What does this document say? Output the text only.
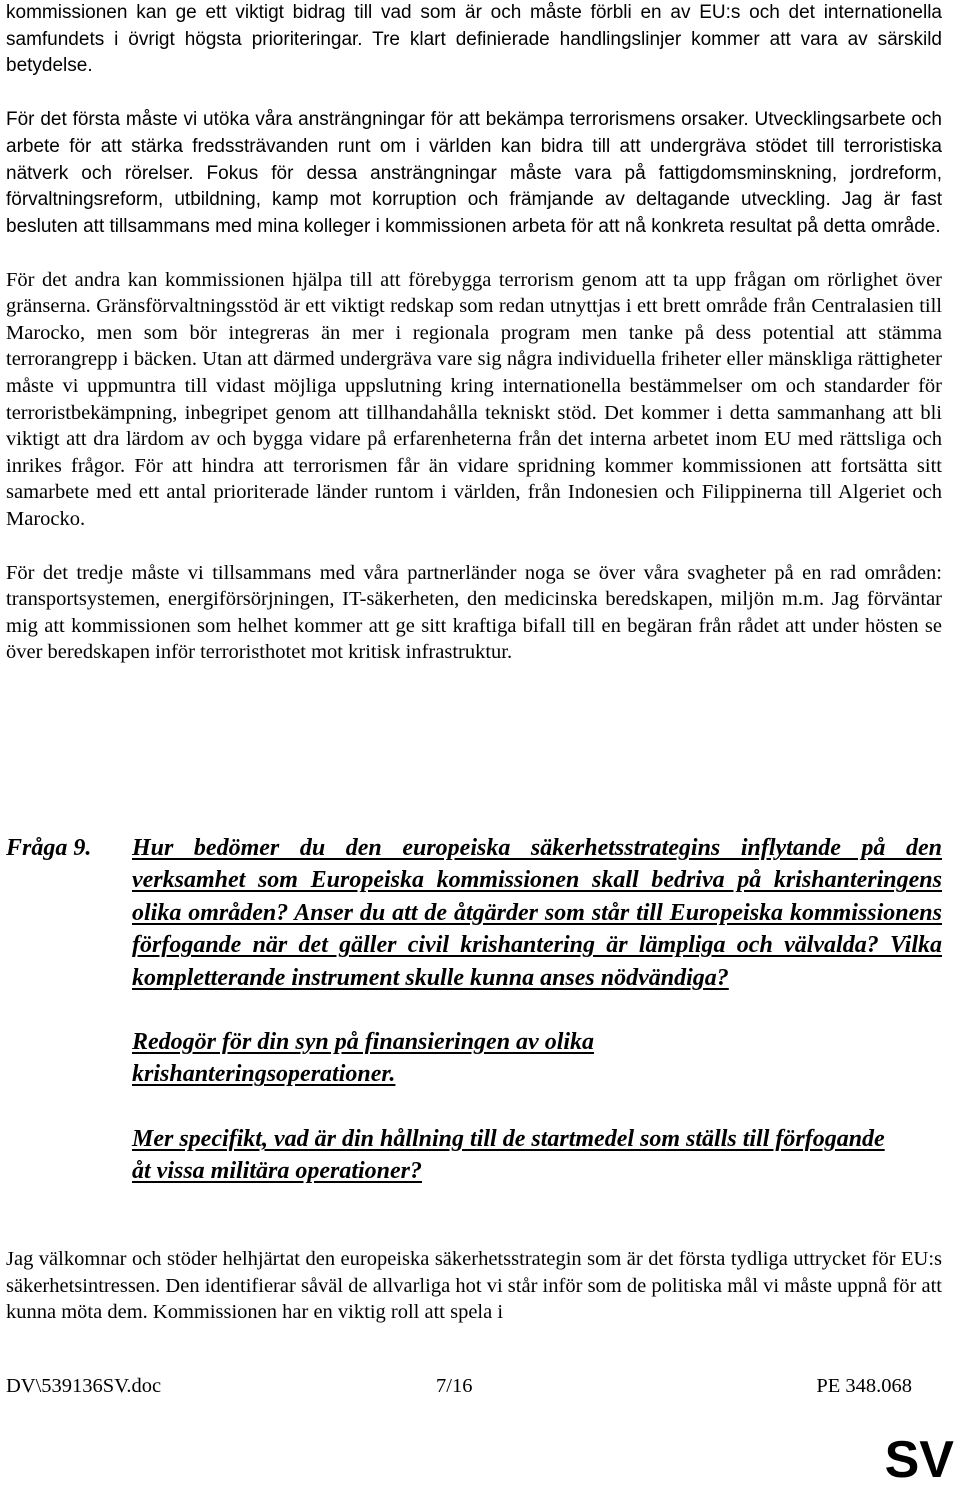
kommissionen kan ge ett viktigt bidrag till vad som är och måste förbli en av EU:s och det internationella samfundets i övrigt högsta prioriteringar. Tre klart definierade handlingslinjer kommer att vara av särskild betydelse.

För det första måste vi utöka våra ansträngningar för att bekämpa terrorismens orsaker. Utvecklingsarbete och arbete för att stärka fredssträvanden runt om i världen kan bidra till att undergräva stödet till terroristiska nätverk och rörelser. Fokus för dessa ansträngningar måste vara på fattigdomsminskning, jordreform, förvaltningsreform, utbildning, kamp mot korruption och främjande av deltagande utveckling. Jag är fast besluten att tillsammans med mina kolleger i kommissionen arbeta för att nå konkreta resultat på detta område.

För det andra kan kommissionen hjälpa till att förebygga terrorism genom att ta upp frågan om rörlighet över gränserna. Gränsförvaltningsstöd är ett viktigt redskap som redan utnyttjas i ett brett område från Centralasien till Marocko, men som bör integreras än mer i regionala program men tanke på dess potential att stämma terrorangrepp i bäcken. Utan att därmed undergräva vare sig några individuella friheter eller mänskliga rättigheter måste vi uppmuntra till vidast möjliga uppslutning kring internationella bestämmelser om och standarder för terroristbekämpning, inbegripet genom att tillhandahålla tekniskt stöd. Det kommer i detta sammanhang att bli viktigt att dra lärdom av och bygga vidare på erfarenheterna från det interna arbetet inom EU med rättsliga och inrikes frågor. För att hindra att terrorismen får än vidare spridning kommer kommissionen att fortsätta sitt samarbete med ett antal prioriterade länder runtom i världen, från Indonesien och Filippinerna till Algeriet och Marocko.

För det tredje måste vi tillsammans med våra partnerländer noga se över våra svagheter på en rad områden: transportsystemen, energiförsörjningen, IT-säkerheten, den medicinska beredskapen, miljön m.m. Jag förväntar mig att kommissionen som helhet kommer att ge sitt kraftiga bifall till en begäran från rådet att under hösten se över beredskapen inför terroristhotet mot kritisk infrastruktur.

Fråga 9. Hur bedömer du den europeiska säkerhetsstrategins inflytande på den verksamhet som Europeiska kommissionen skall bedriva på krishanteringens olika områden? Anser du att de åtgärder som står till Europeiska kommissionens förfogande när det gäller civil krishantering är lämpliga och välvalda? Vilka kompletterande instrument skulle kunna anses nödvändiga?

Redogör för din syn på finansieringen av olika krishanteringsoperationer.

Mer specifikt, vad är din hållning till de startmedel som ställs till förfogande åt vissa militära operationer?

Jag välkomnar och stöder helhjärtat den europeiska säkerhetsstrategin som är det första tydliga uttrycket för EU:s säkerhetsintressen. Den identifierar såväl de allvarliga hot vi står inför som de politiska mål vi måste uppnå för att kunna möta dem. Kommissionen har en viktig roll att spela i

DV\539136SV.doc	7/16	PE 348.068
SV
